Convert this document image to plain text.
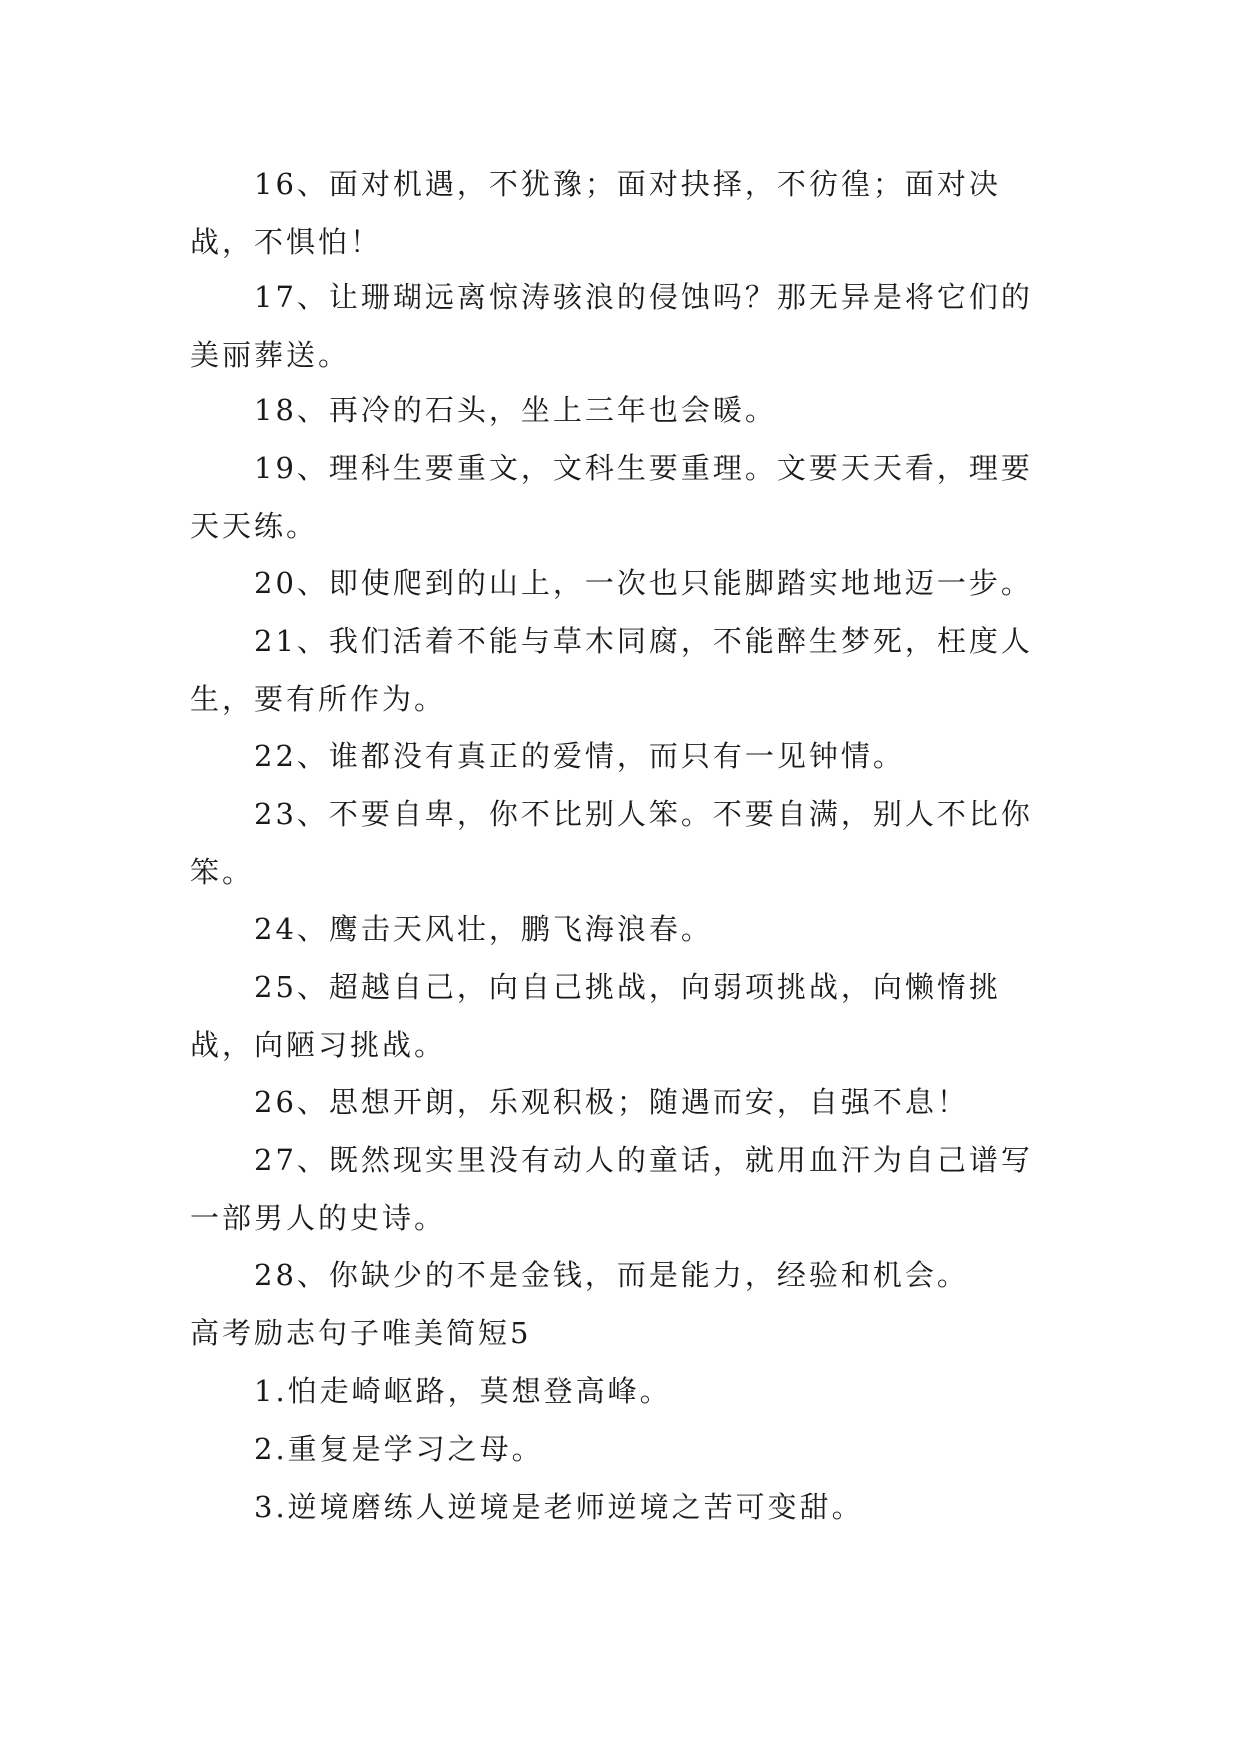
16、面对机遇，不犹豫；面对抉择，不彷徨；面对决战，不惧怕！

17、让珊瑚远离惊涛骇浪的侵蚀吗？那无异是将它们的美丽葬送。

18、再冷的石头，坐上三年也会暖。

19、理科生要重文，文科生要重理。文要天天看，理要天天练。

20、即使爬到的山上，一次也只能脚踏实地地迈一步。

21、我们活着不能与草木同腐，不能醉生梦死，枉度人生，要有所作为。

22、谁都没有真正的爱情，而只有一见钟情。

23、不要自卑，你不比别人笨。不要自满，别人不比你笨。

24、鹰击天风壮，鹏飞海浪春。

25、超越自己，向自己挑战，向弱项挑战，向懒惰挑战，向陋习挑战。

26、思想开朗，乐观积极；随遇而安，自强不息！

27、既然现实里没有动人的童话，就用血汗为自己谱写一部男人的史诗。

28、你缺少的不是金钱，而是能力，经验和机会。

高考励志句子唯美简短5

1.怕走崎岖路，莫想登高峰。

2.重复是学习之母。

3.逆境磨练人逆境是老师逆境之苦可变甜。
